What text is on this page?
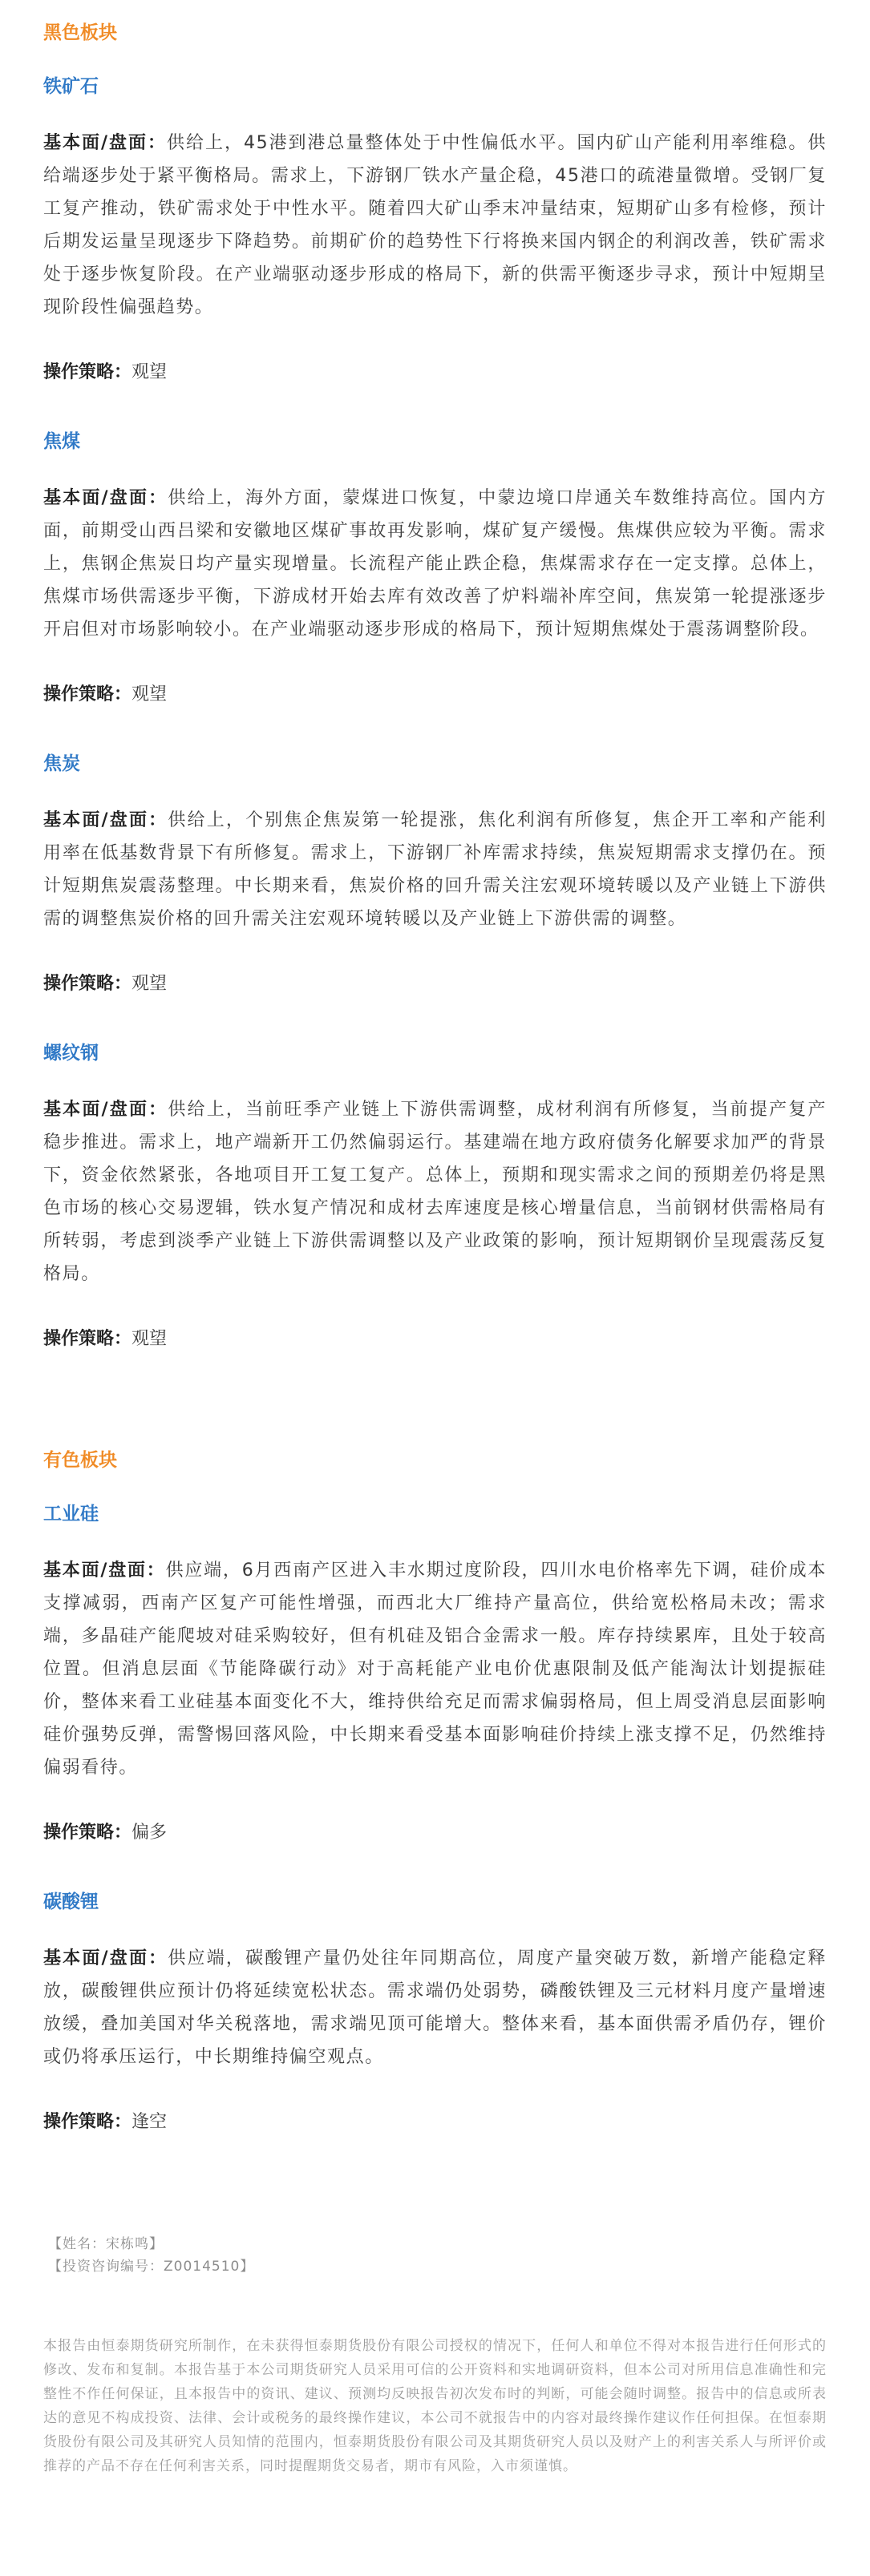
黑色板块

铁矿石

基本面/盘面：供给上，45港到港总量整体处于中性偏低水平。国内矿山产能利用率维稳。供给端逐步处于紧平衡格局。需求上，下游钢厂铁水产量企稳，45港口的疏港量微增。受钢厂复工复产推动，铁矿需求处于中性水平。随着四大矿山季末冲量结束，短期矿山多有检修，预计后期发运量呈现逐步下降趋势。前期矿价的趋势性下行将换来国内钢企的利润改善，铁矿需求处于逐步恢复阶段。在产业端驱动逐步形成的格局下，新的供需平衡逐步寻求，预计中短期呈现阶段性偏强趋势。

操作策略：观望

焦煤

基本面/盘面：供给上，海外方面，蒙煤进口恢复，中蒙边境口岸通关车数维持高位。国内方面，前期受山西吕梁和安徽地区煤矿事故再发影响，煤矿复产缓慢。焦煤供应较为平衡。需求上，焦钢企焦炭日均产量实现增量。长流程产能止跌企稳，焦煤需求存在一定支撑。总体上，焦煤市场供需逐步平衡，下游成材开始去库有效改善了炉料端补库空间，焦炭第一轮提涨逐步开启但对市场影响较小。在产业端驱动逐步形成的格局下，预计短期焦煤处于震荡调整阶段。

操作策略：观望

焦炭

基本面/盘面：供给上，个别焦企焦炭第一轮提涨，焦化利润有所修复，焦企开工率和产能利用率在低基数背景下有所修复。需求上，下游钢厂补库需求持续，焦炭短期需求支撑仍在。预计短期焦炭震荡整理。中长期来看，焦炭价格的回升需关注宏观环境转暖以及产业链上下游供需的调整焦炭价格的回升需关注宏观环境转暖以及产业链上下游供需的调整。

操作策略：观望

螺纹钢

基本面/盘面：供给上，当前旺季产业链上下游供需调整，成材利润有所修复，当前提产复产稳步推进。需求上，地产端新开工仍然偏弱运行。基建端在地方政府债务化解要求加严的背景下，资金依然紧张，各地项目开工复工复产。总体上，预期和现实需求之间的预期差仍将是黑色市场的核心交易逻辑，铁水复产情况和成材去库速度是核心增量信息，当前钢材供需格局有所转弱，考虑到淡季产业链上下游供需调整以及产业政策的影响，预计短期钢价呈现震荡反复格局。

操作策略：观望

有色板块

工业硅

基本面/盘面：供应端，6月西南产区进入丰水期过度阶段，四川水电价格率先下调，硅价成本支撑减弱，西南产区复产可能性增强，而西北大厂维持产量高位，供给宽松格局未改；需求端，多晶硅产能爬坡对硅采购较好，但有机硅及铝合金需求一般。库存持续累库，且处于较高位置。但消息层面《节能降碳行动》对于高耗能产业电价优惠限制及低产能淘汰计划提振硅价，整体来看工业硅基本面变化不大，维持供给充足而需求偏弱格局，但上周受消息层面影响硅价强势反弹，需警惕回落风险，中长期来看受基本面影响硅价持续上涨支撑不足，仍然维持偏弱看待。

操作策略：偏多

碳酸锂

基本面/盘面：供应端，碳酸锂产量仍处往年同期高位，周度产量突破万数，新增产能稳定释放，碳酸锂供应预计仍将延续宽松状态。需求端仍处弱势，磷酸铁锂及三元材料月度产量增速放缓，叠加美国对华关税落地，需求端见顶可能增大。整体来看，基本面供需矛盾仍存，锂价或仍将承压运行，中长期维持偏空观点。

操作策略：逢空

【姓名：宋栋鸣】

【投资咨询编号：Z0014510】

本报告由恒泰期货研究所制作，在未获得恒泰期货股份有限公司授权的情况下，任何人和单位不得对本报告进行任何形式的修改、发布和复制。本报告基于本公司期货研究人员采用可信的公开资料和实地调研资料，但本公司对所用信息准确性和完整性不作任何保证，且本报告中的资讯、建议、预测均反映报告初次发布时的判断，可能会随时调整。报告中的信息或所表达的意见不构成投资、法律、会计或税务的最终操作建议，本公司不就报告中的内容对最终操作建议作任何担保。在恒泰期货股份有限公司及其研究人员知情的范围内，恒泰期货股份有限公司及其期货研究人员以及财产上的利害关系人与所评价或推荐的产品不存在任何利害关系，同时提醒期货交易者，期市有风险，入市须谨慎。
